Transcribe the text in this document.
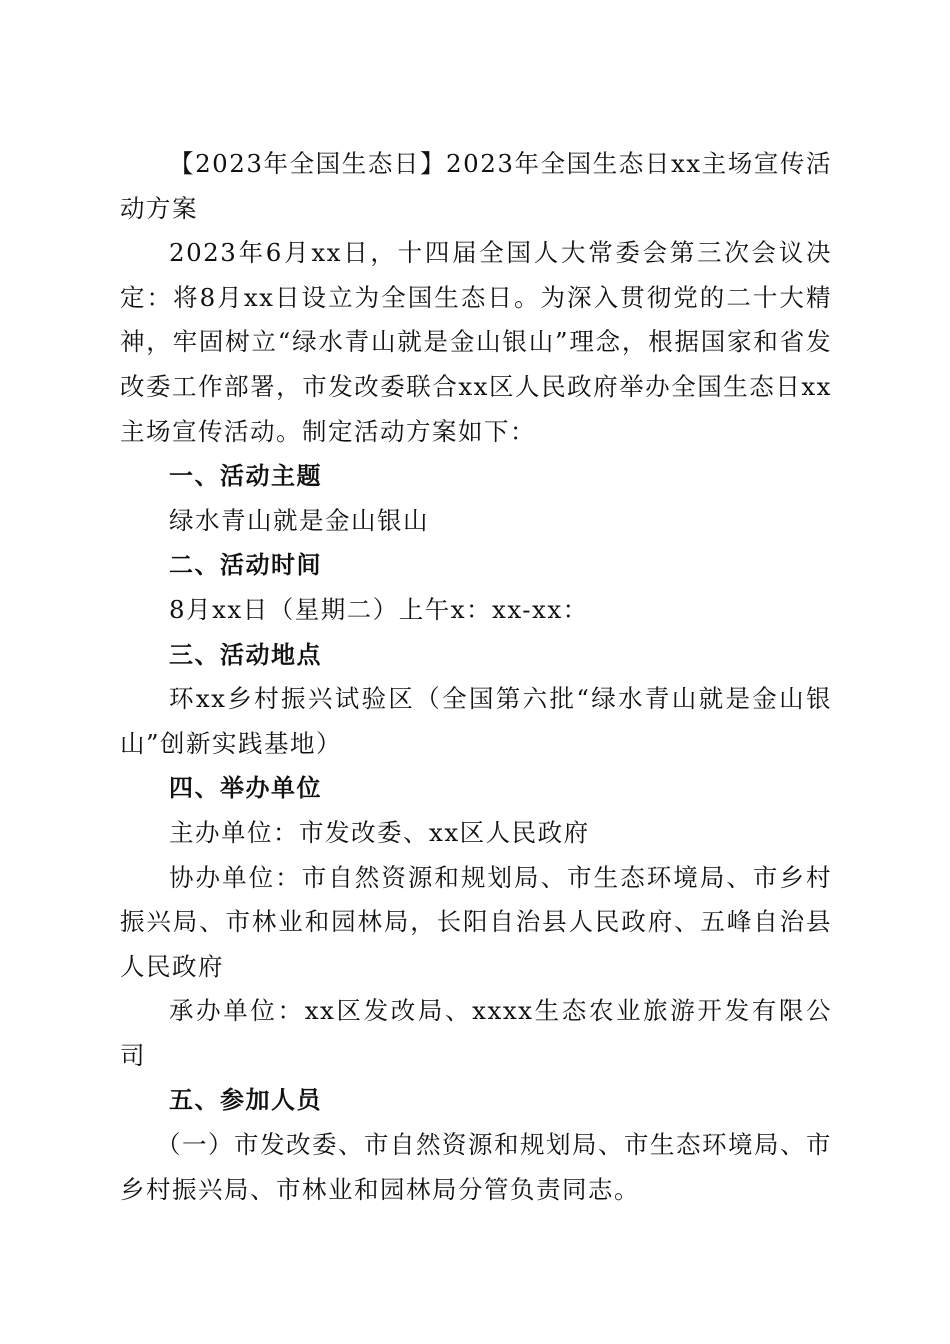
【2023年全国生态日】2023年全国生态日xx主场宣传活动方案

2023年6月xx日，十四届全国人大常委会第三次会议决定：将8月xx日设立为全国生态日。为深入贯彻党的二十大精神，牢固树立“绿水青山就是金山银山”理念，根据国家和省发改委工作部署，市发改委联合xx区人民政府举办全国生态日xx主场宣传活动。制定活动方案如下：

一、活动主题

绿水青山就是金山银山

二、活动时间

8月xx日（星期二）上午x：xx-xx：

三、活动地点

环xx乡村振兴试验区（全国第六批“绿水青山就是金山银山”创新实践基地）

四、举办单位

主办单位：市发改委、xx区人民政府

协办单位：市自然资源和规划局、市生态环境局、市乡村振兴局、市林业和园林局，长阳自治县人民政府、五峰自治县人民政府

承办单位：xx区发改局、xxxx生态农业旅游开发有限公司

五、参加人员

（一）市发改委、市自然资源和规划局、市生态环境局、市乡村振兴局、市林业和园林局分管负责同志。
